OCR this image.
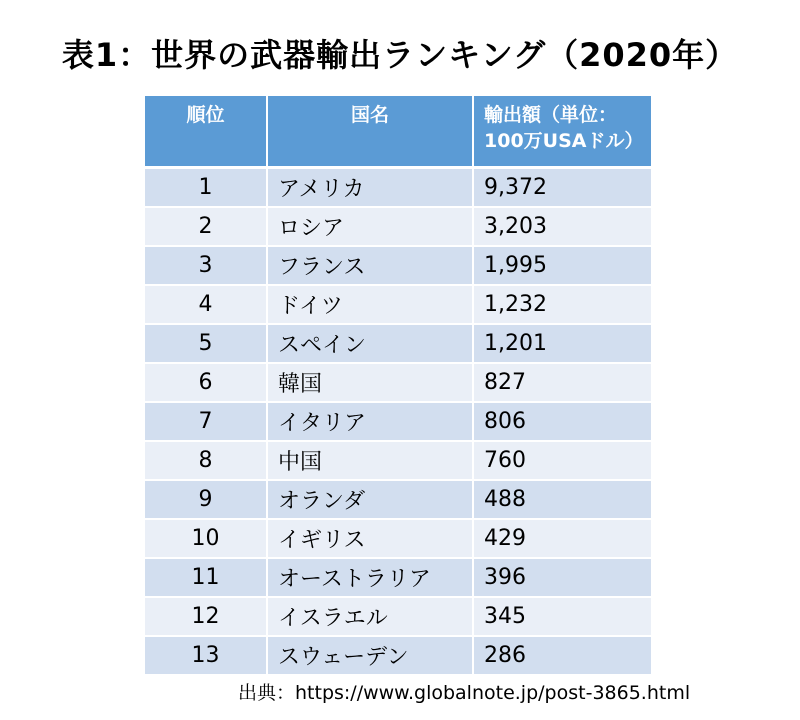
表1：世界の武器輸出ランキング（2020年）
順位	国名	輸出額（単位：
100万USAドル）
1	アメリカ	9,372
2	ロシア	3,203
3	フランス	1,995
4	ドイツ	1,232
5	スペイン	1,201
6	韓国	827
7	イタリア	806
8	中国	760
9	オランダ	488
10	イギリス	429
11	オーストラリア	396
12	イスラエル	345
13	スウェーデン	286
出典：https://www.globalnote.jp/post-3865.html
